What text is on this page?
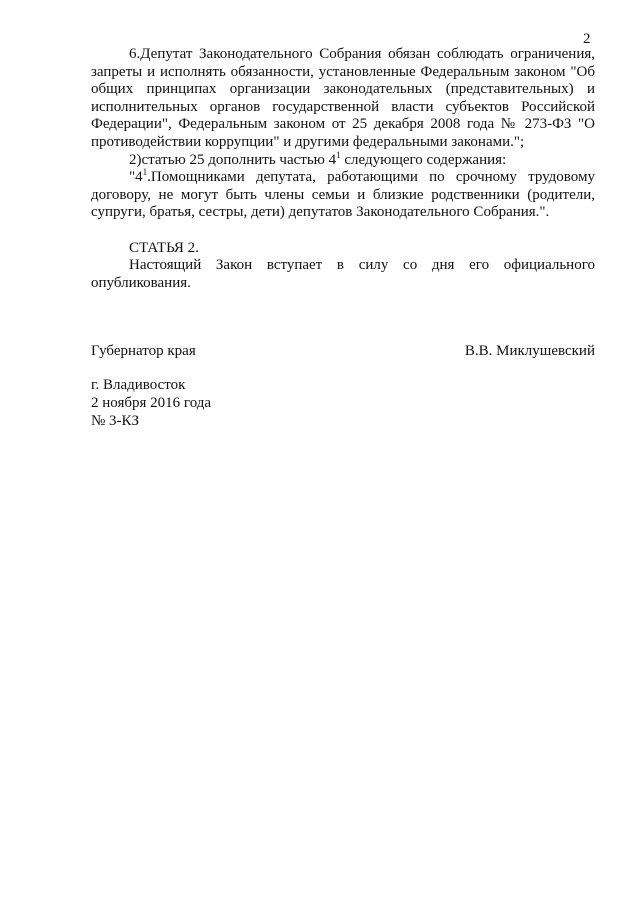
2

6.Депутат Законодательного Собрания обязан соблюдать ограничения, запреты и исполнять обязанности, установленные Федеральным законом "Об общих принципах организации законодательных (представительных) и исполнительных органов государственной власти субъектов Российской Федерации", Федеральным законом от 25 декабря 2008 года № 273-ФЗ "О противодействии коррупции" и другими федеральными законами.";

2)статью 25 дополнить частью $4^1$ следующего содержания:

"$4^1.Помощниками$ депутата, работающими по срочному трудовому договору, не могут быть члены семьи и близкие родственники (родители, супруги, братья, сестры, дети) депутатов Законодательного Собрания.".

СТАТЬЯ 2.

Настоящий Закон вступает в силу со дня его официального опубликования.

Губернатор края	В.В. Миклушевский
г. Владивосток
2 ноября 2016 года
№ 3-КЗ
